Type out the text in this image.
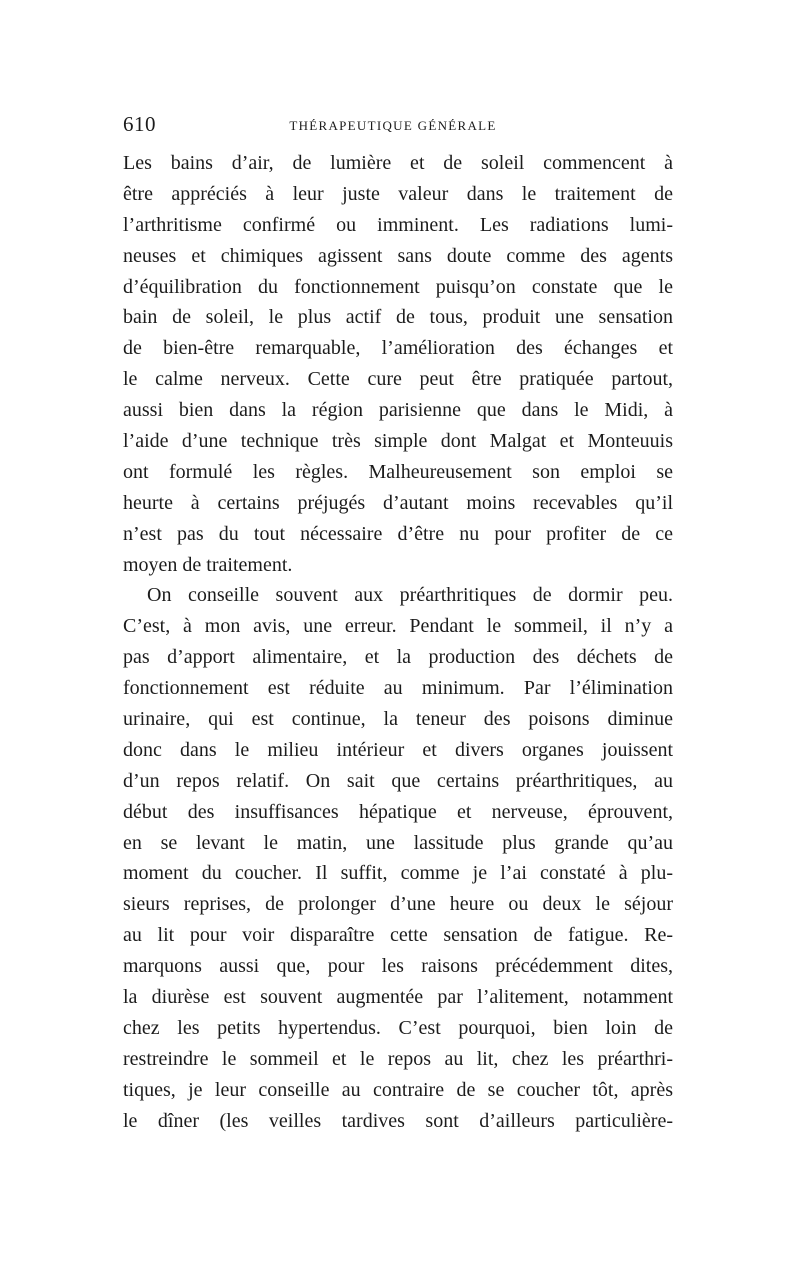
610	THÉRAPEUTIQUE GÉNÉRALE
Les bains d’air, de lumière et de soleil commencent à
être appréciés à leur juste valeur dans le traitement de
l’arthritisme confirmé ou imminent. Les radiations lumi-
neuses et chimiques agissent sans doute comme des agents
d’équilibration du fonctionnement puisqu’on constate que le
bain de soleil, le plus actif de tous, produit une sensation
de bien-être remarquable, l’amélioration des échanges et
le calme nerveux. Cette cure peut être pratiquée partout,
aussi bien dans la région parisienne que dans le Midi, à
l’aide d’une technique très simple dont Malgat et Monteuuis
ont formulé les règles. Malheureusement son emploi se
heurte à certains préjugés d’autant moins recevables qu’il
n’est pas du tout nécessaire d’être nu pour profiter de ce
moyen de traitement.
On conseille souvent aux préarthritiques de dormir peu.
C’est, à mon avis, une erreur. Pendant le sommeil, il n’y a
pas d’apport alimentaire, et la production des déchets de
fonctionnement est réduite au minimum. Par l’élimination
urinaire, qui est continue, la teneur des poisons diminue
donc dans le milieu intérieur et divers organes jouissent
d’un repos relatif. On sait que certains préarthritiques, au
début des insuffisances hépatique et nerveuse, éprouvent,
en se levant le matin, une lassitude plus grande qu’au
moment du coucher. Il suffit, comme je l’ai constaté à plu-
sieurs reprises, de prolonger d’une heure ou deux le séjour
au lit pour voir disparaître cette sensation de fatigue. Re-
marquons aussi que, pour les raisons précédemment dites,
la diurèse est souvent augmentée par l’alitement, notamment
chez les petits hypertendus. C’est pourquoi, bien loin de
restreindre le sommeil et le repos au lit, chez les préarthri-
tiques, je leur conseille au contraire de se coucher tôt, après
le dîner (les veilles tardives sont d’ailleurs particulière-
